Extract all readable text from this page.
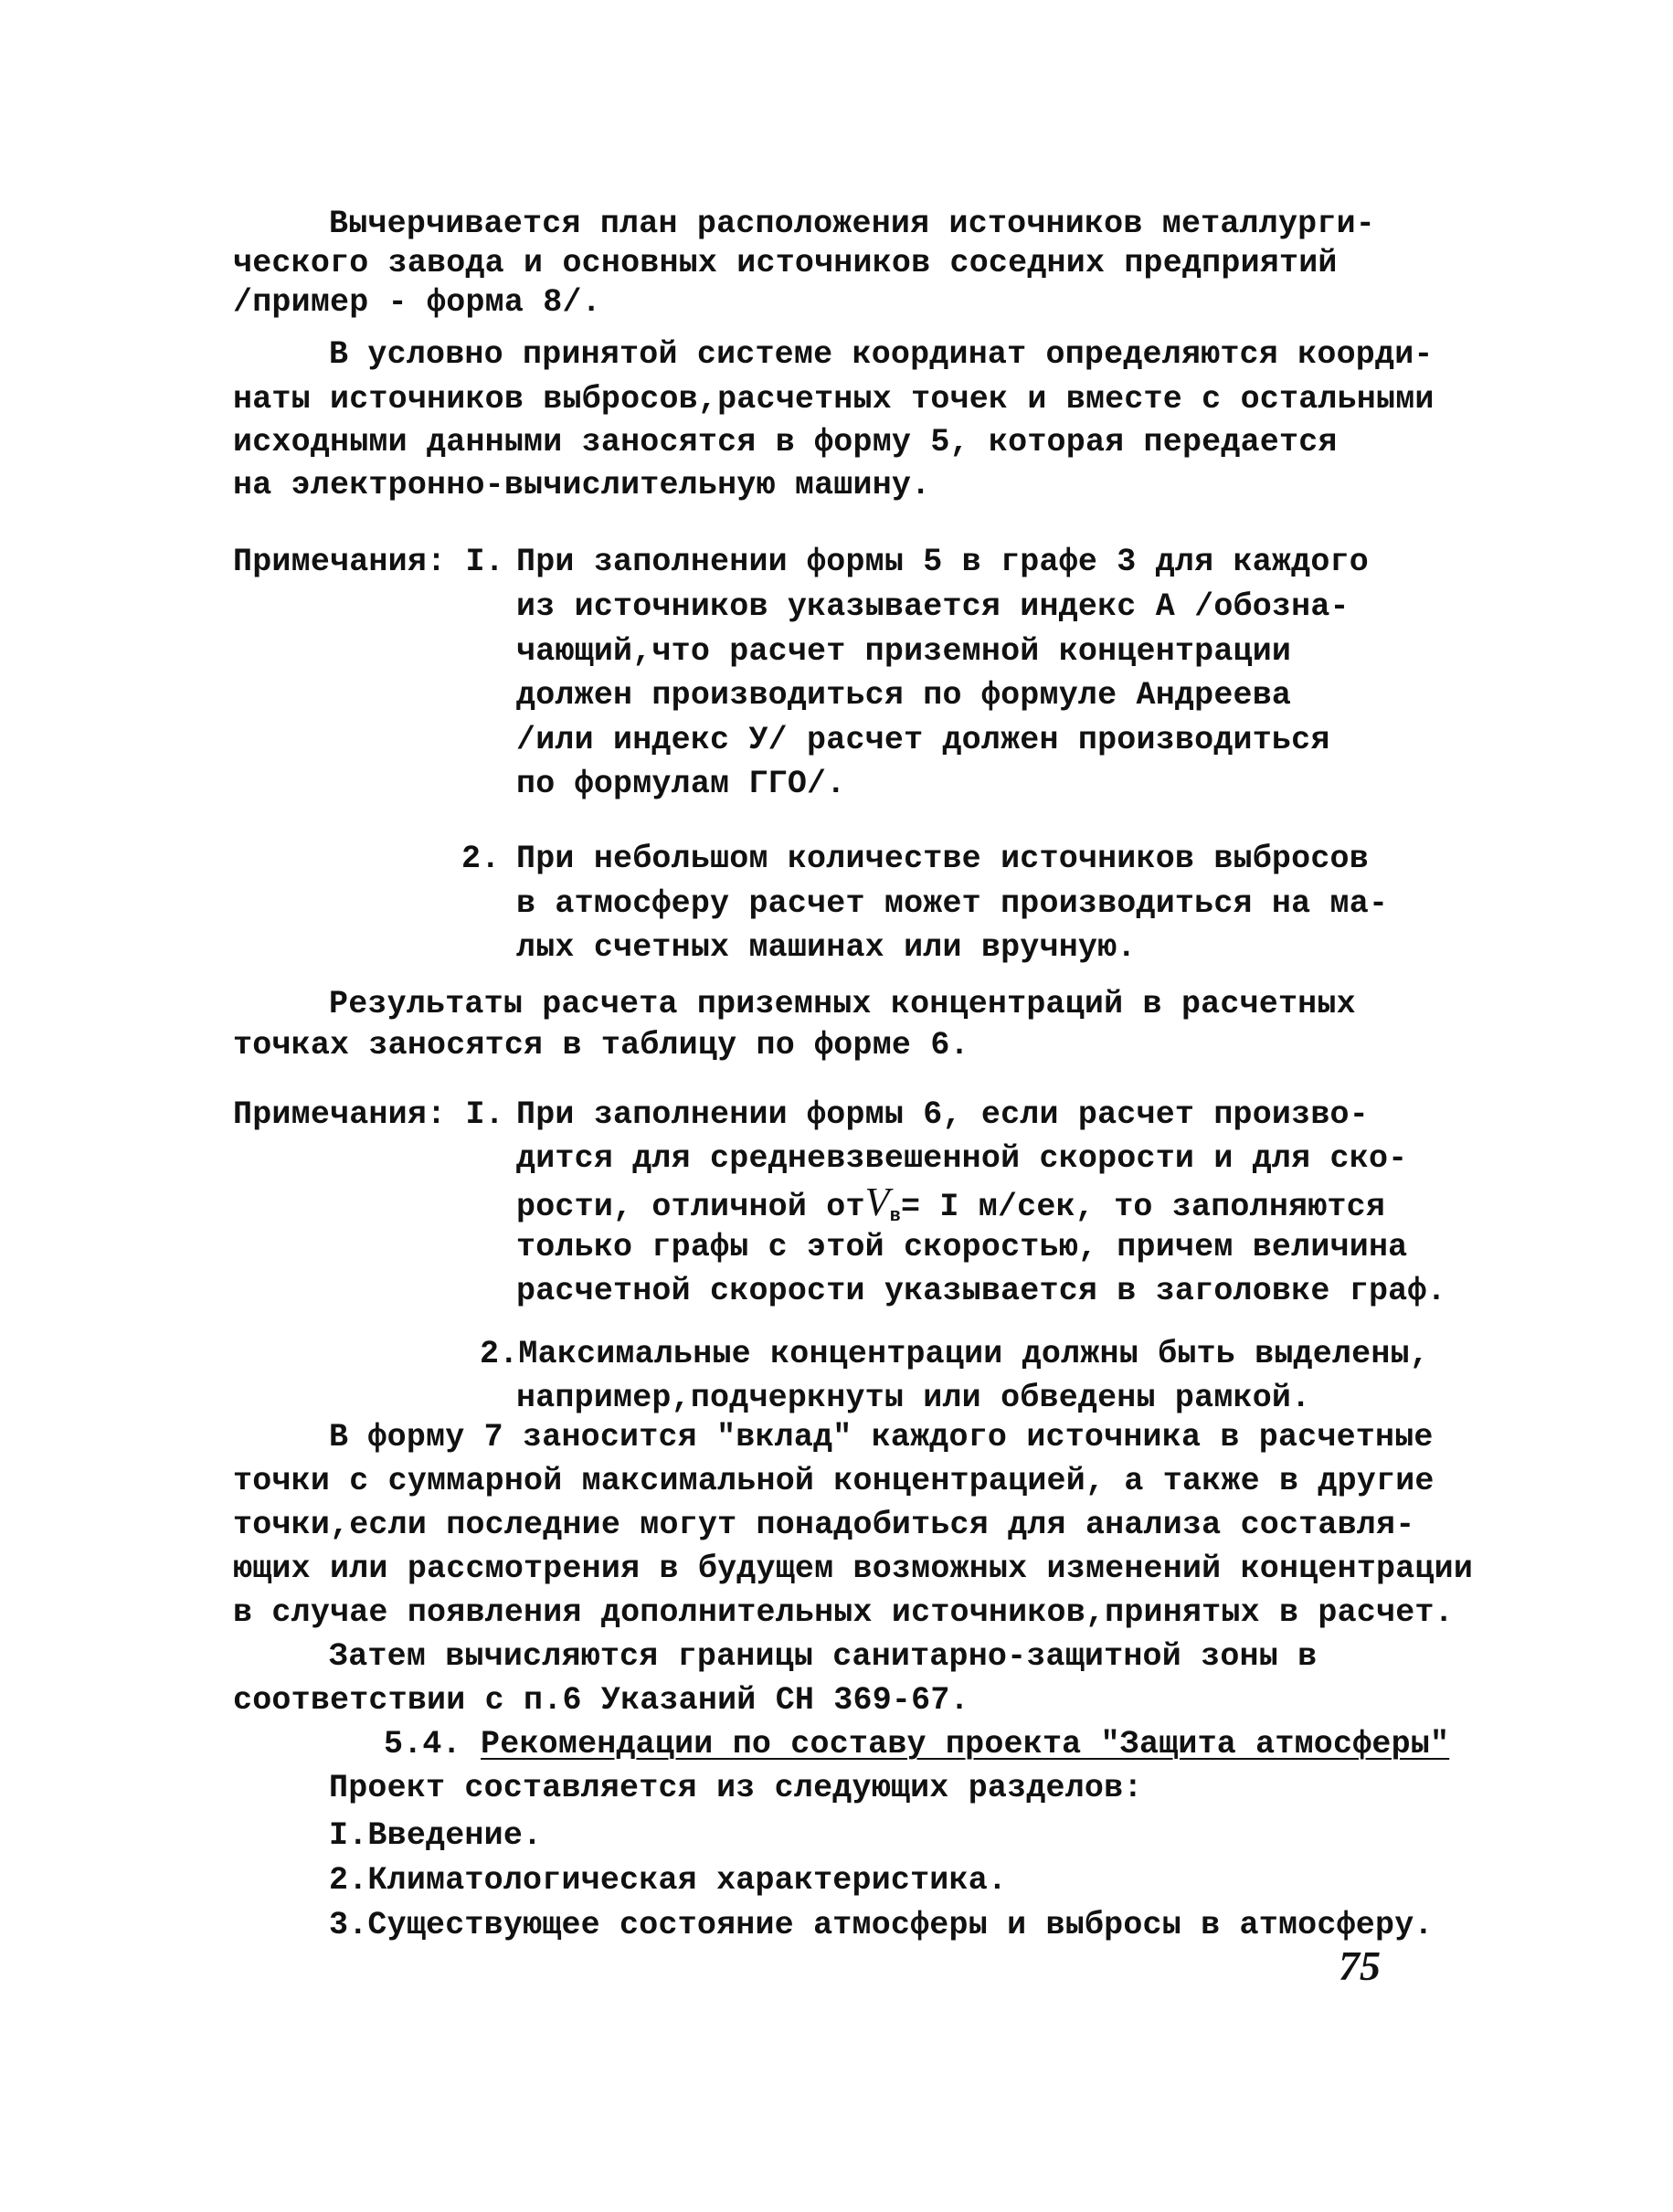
Вычерчивается план расположения источников металлурги-
ческого завода и основных источников соседних предприятий
/пример - форма 8/.
В условно принятой системе координат определяются коорди-
наты источников выбросов,расчетных точек и вместе с остальными
исходными данными заносятся в форму 5, которая передается
на электронно-вычислительную машину.
Примечания: I. При заполнении формы 5 в графе 3 для каждого
из источников указывается индекс А /обозна-
чающий,что расчет приземной концентрации
должен производиться по формуле Андреева
/или индекс У/ расчет должен производиться
по формулам ГГО/.
2. При небольшом количестве источников выбросов
в атмосферу расчет может производиться на ма-
лых счетных машинах или вручную.
Результаты расчета приземных концентраций в расчетных
точках заносятся в таблицу по форме 6.
Примечания: I. При заполнении формы 6, если расчет произво-
дится для средневзвешенной скорости и для ско-
рости, отличной отVв= I м/сек, то заполняются
только графы с этой скоростью, причем величина
расчетной скорости указывается в заголовке граф.
2.Максимальные концентрации должны быть выделены,
например,подчеркнуты или обведены рамкой.
В форму 7 заносится "вклад" каждого источника в расчетные
точки с суммарной максимальной концентрацией, а также в другие
точки,если последние могут понадобиться для анализа составля-
ющих или рассмотрения в будущем возможных изменений концентрации
в случае появления дополнительных источников,принятых в расчет.
Затем вычисляются границы санитарно-защитной зоны в
соответствии с п.6 Указаний СН 369-67.
5.4. Рекомендации по составу проекта "Защита атмосферы"
Проект составляется из следующих разделов:
I.Введение.
2.Климатологическая характеристика.
3.Существующее состояние атмосферы и выбросы в атмосферу.
75
